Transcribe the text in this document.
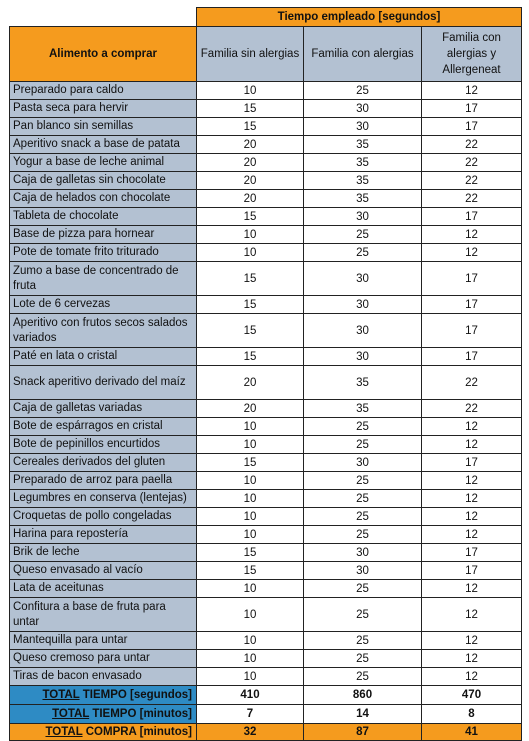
	Tiempo empleado [segundos]		
Alimento a comprar	Familia sin alergias	Familia con alergias	Familia con alergias y Allergeneat
Preparado para caldo	10	25	12
Pasta seca para hervir	15	30	17
Pan blanco sin semillas	15	30	17
Aperitivo snack a base de patata	20	35	22
Yogur a base de leche animal	20	35	22
Caja de galletas sin chocolate	20	35	22
Caja de helados con chocolate	20	35	22
Tableta de chocolate	15	30	17
Base de pizza para hornear	10	25	12
Pote de tomate frito triturado	10	25	12
Zumo a base de concentrado de fruta	15	30	17
Lote de 6 cervezas	15	30	17
Aperitivo con frutos secos salados variados	15	30	17
Paté en lata o cristal	15	30	17
Snack aperitivo derivado del maíz	20	35	22
Caja de galletas variadas	20	35	22
Bote de espárragos en cristal	10	25	12
Bote de pepinillos encurtidos	10	25	12
Cereales derivados del gluten	15	30	17
Preparado de arroz para paella	10	25	12
Legumbres en conserva (lentejas)	10	25	12
Croquetas de pollo congeladas	10	25	12
Harina para repostería	10	25	12
Brik de leche	15	30	17
Queso envasado al vacío	15	30	17
Lata de aceitunas	10	25	12
Confitura a base de fruta para untar	10	25	12
Mantequilla para untar	10	25	12
Queso cremoso para untar	10	25	12
Tiras de bacon envasado	10	25	12
TOTAL TIEMPO [segundos]	410	860	470
TOTAL TIEMPO [minutos]	7	14	8
TOTAL COMPRA [minutos]	32	87	41
